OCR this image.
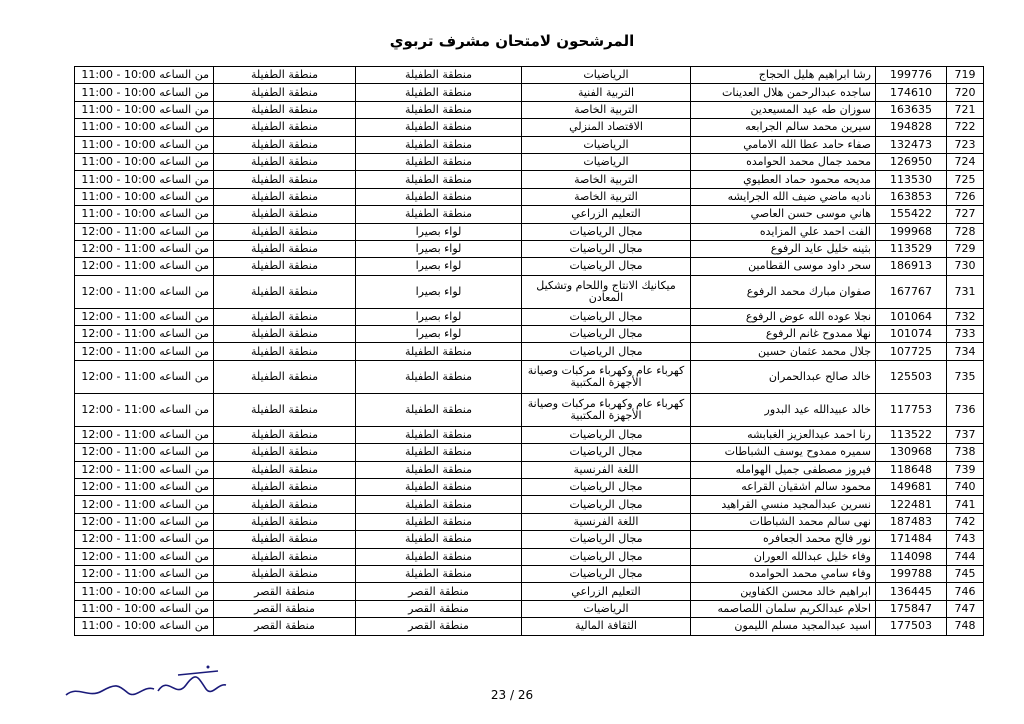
المرشحون لامتحان مشرف تربوي
719	199776	رشا ابراهيم هليل الحجاج	الرياضيات	منطقة الطفيلة	منطقة الطفيلة	من الساعه 10:00 - 11:00
720	174610	ساجده عبدالرحمن هلال العدينات	التربية الفنية	منطقة الطفيلة	منطقة الطفيلة	من الساعه 10:00 - 11:00
721	163635	سوزان طه عيد المسيعدين	التربية الخاصة	منطقة الطفيلة	منطقة الطفيلة	من الساعه 10:00 - 11:00
722	194828	سيرين محمد سالم الجرابعه	الاقتصاد المنزلي	منطقة الطفيلة	منطقة الطفيلة	من الساعه 10:00 - 11:00
723	132473	صفاء حامد عطا الله الامامي	الرياضيات	منطقة الطفيلة	منطقة الطفيلة	من الساعه 10:00 - 11:00
724	126950	محمد جمال محمد الحوامده	الرياضيات	منطقة الطفيلة	منطقة الطفيلة	من الساعه 10:00 - 11:00
725	113530	مديحه محمود حماد العطيوي	التربية الخاصة	منطقة الطفيلة	منطقة الطفيلة	من الساعه 10:00 - 11:00
726	163853	ناديه ماضي ضيف الله الجرايشه	التربية الخاصة	منطقة الطفيلة	منطقة الطفيلة	من الساعه 10:00 - 11:00
727	155422	هاني موسى حسن العاصي	التعليم الزراعي	منطقة الطفيلة	منطقة الطفيلة	من الساعه 10:00 - 11:00
728	199968	الفت احمد علي المزايده	مجال الرياضيات	لواء بصيرا	منطقة الطفيلة	من الساعه 11:00 - 12:00
729	113529	بثينه خليل عايد الرفوع	مجال الرياضيات	لواء بصيرا	منطقة الطفيلة	من الساعه 11:00 - 12:00
730	186913	سحر داود موسى القطامين	مجال الرياضيات	لواء بصيرا	منطقة الطفيلة	من الساعه 11:00 - 12:00
731	167767	صفوان مبارك محمد الرفوع	ميكانيك الانتاج واللحام وتشكيل المعادن	لواء بصيرا	منطقة الطفيلة	من الساعه 11:00 - 12:00
732	101064	نجلا عوده الله عوض الرفوع	مجال الرياضيات	لواء بصيرا	منطقة الطفيلة	من الساعه 11:00 - 12:00
733	101074	نهلا ممدوح غانم الرفوع	مجال الرياضيات	لواء بصيرا	منطقة الطفيلة	من الساعه 11:00 - 12:00
734	107725	جلال محمد عثمان حسين	مجال الرياضيات	منطقة الطفيلة	منطقة الطفيلة	من الساعه 11:00 - 12:00
735	125503	خالد صالح عبدالحمران	كهرباء عام وكهرباء مركبات وصيانة الأجهزة المكتبية	منطقة الطفيلة	منطقة الطفيلة	من الساعه 11:00 - 12:00
736	117753	خالد عبيدالله عيد البدور	كهرباء عام وكهرباء مركبات وصيانة الأجهزة المكتبية	منطقة الطفيلة	منطقة الطفيلة	من الساعه 11:00 - 12:00
737	113522	رنا احمد عبدالعزيز الغبابشه	مجال الرياضيات	منطقة الطفيلة	منطقة الطفيلة	من الساعه 11:00 - 12:00
738	130968	سميره ممدوح يوسف الشباطات	مجال الرياضيات	منطقة الطفيلة	منطقة الطفيلة	من الساعه 11:00 - 12:00
739	118648	فيروز مصطفى جميل الهوامله	اللغة الفرنسية	منطقة الطفيلة	منطقة الطفيلة	من الساعه 11:00 - 12:00
740	149681	محمود سالم اشقيان القراعه	مجال الرياضيات	منطقة الطفيلة	منطقة الطفيلة	من الساعه 11:00 - 12:00
741	122481	نسرين عبدالمجيد منسي القراهيد	مجال الرياضيات	منطقة الطفيلة	منطقة الطفيلة	من الساعه 11:00 - 12:00
742	187483	نهى سالم محمد الشباطات	اللغة الفرنسية	منطقة الطفيلة	منطقة الطفيلة	من الساعه 11:00 - 12:00
743	171484	نور فالح محمد الجعافره	مجال الرياضيات	منطقة الطفيلة	منطقة الطفيلة	من الساعه 11:00 - 12:00
744	114098	وفاء خليل عبدالله العوران	مجال الرياضيات	منطقة الطفيلة	منطقة الطفيلة	من الساعه 11:00 - 12:00
745	199788	وفاء سامي محمد الحوامده	مجال الرياضيات	منطقة الطفيلة	منطقة الطفيلة	من الساعه 11:00 - 12:00
746	136445	ابراهيم خالد محسن الكفاوين	التعليم الزراعي	منطقة القصر	منطقة القصر	من الساعه 10:00 - 11:00
747	175847	احلام عبدالكريم سلمان اللصاصمه	الرياضيات	منطقة القصر	منطقة القصر	من الساعه 10:00 - 11:00
748	177503	اسيد عبدالمجيد مسلم الليمون	الثقافة المالية	منطقة القصر	منطقة القصر	من الساعه 10:00 - 11:00
23 / 26
